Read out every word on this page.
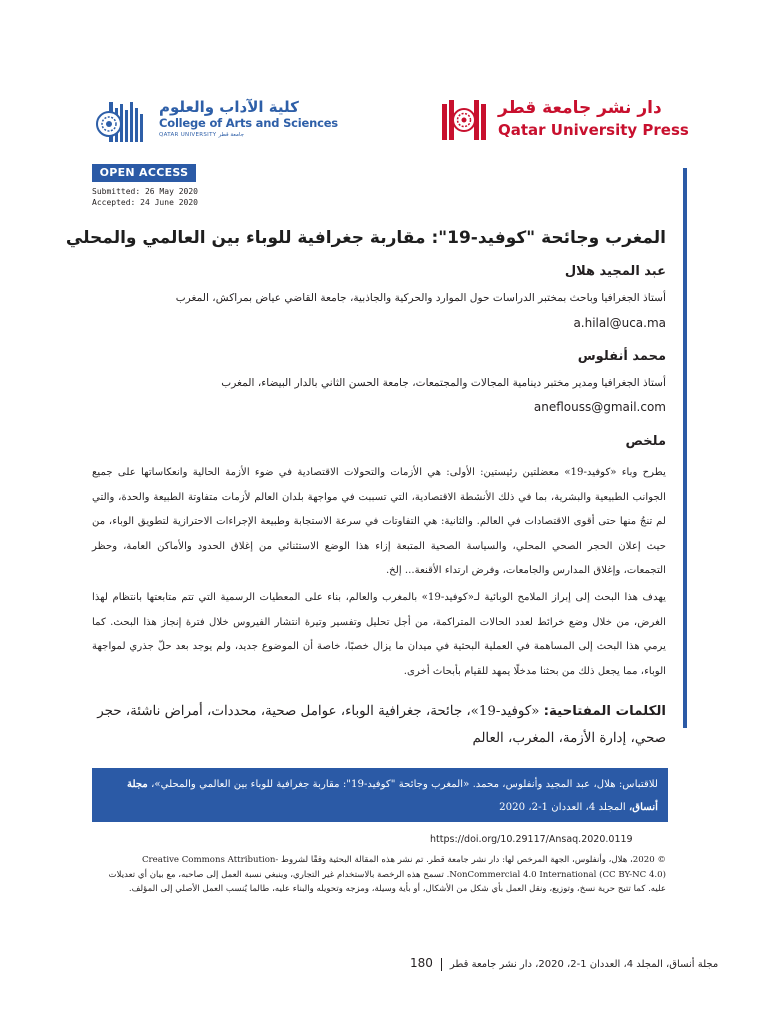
كلية الآداب والعلوم
College of Arts and Sciences
QATAR UNIVERSITY جامعة قطر
دار نشر جامعة قطر
Qatar University Press
OPEN ACCESS
Submitted: 26 May 2020
Accepted: 24 June 2020
المغرب وجائحة "كوفيد-19": مقاربة جغرافية للوباء بين العالمي والمحلي
عبد المجيد هلال
أستاذ الجغرافيا وباحث بمختبر الدراسات حول الموارد والحركية والجاذبية، جامعة القاضي عياض بمراكش، المغرب
a.hilal@uca.ma
محمد أنفلوس
أستاذ الجغرافيا ومدير مختبر دينامية المجالات والمجتمعات، جامعة الحسن الثاني بالدار البيضاء، المغرب
aneflouss@gmail.com
ملخص
يطرح وباء «كوفيد-19» معضلتين رئيستين: الأولى: هي الأزمات والتحولات الاقتصادية في ضوء الأزمة الحالية وانعكاساتها على جميع الجوانب الطبيعية والبشرية، بما في ذلك الأنشطة الاقتصادية، التي تسببت في مواجهة بلدان العالم لأزمات متفاوتة الطبيعة والحدة، والتي لم تنجُ منها حتى أقوى الاقتصادات في العالم. والثانية: هي التفاوتات في سرعة الاستجابة وطبيعة الإجراءات الاحترازية لتطويق الوباء، من حيث إعلان الحجر الصحي المحلي، والسياسة الصحية المتبعة إزاء هذا الوضع الاستثنائي من إغلاق الحدود والأماكن العامة، وحظر التجمعات، وإغلاق المدارس والجامعات، وفرض ارتداء الأقنعة... إلخ.
يهدف هذا البحث إلى إبراز الملامح الوبائية لـ«كوفيد-19» بالمغرب والعالم، بناء على المعطيات الرسمية التي تتم متابعتها بانتظام لهذا الغرض، من خلال وضع خرائط لعدد الحالات المتراكمة، من أجل تحليل وتفسير وتيرة انتشار الفيروس خلال فترة إنجاز هذا البحث. كما يرمي هذا البحث إلى المساهمة في العملية البحثية في ميدان ما يزال خصبًا، خاصة أن الموضوع جديد، ولم يوجد بعد حلّ جذري لمواجهة الوباء، مما يجعل ذلك من بحثنا مدخلًا يمهد للقيام بأبحاث أخرى.
الكلمات المفتاحية: «كوفيد-19»، جائحة، جغرافية الوباء، عوامل صحية، محددات، أمراض ناشئة، حجر صحي، إدارة الأزمة، المغرب، العالم
للاقتباس: هلال، عبد المجيد وأنفلوس، محمد. «المغرب وجائحة "كوفيد-19": مقاربة جغرافية للوباء بين العالمي والمحلي»، مجلة أنساق، المجلد 4، العددان 1-2، 2020
https://doi.org/10.29117/Ansaq.2020.0119
© 2020، هلال، وأنفلوس، الجهة المرخص لها: دار نشر جامعة قطر. تم نشر هذه المقالة البحثية وفقًا لشروط Creative Commons Attribution-NonCommercial 4.0 International (CC BY-NC 4.0). تسمح هذه الرخصة بالاستخدام غير التجاري، وينبغي نسبة العمل إلى صاحبه، مع بيان أي تعديلات عليه. كما تتيح حرية نسخ، وتوزيع، ونقل العمل بأي شكل من الأشكال، أو بأية وسيلة، ومزجه وتحويله والبناء عليه، طالما يُنسب العمل الأصلي إلى المؤلف.
مجلة أنساق، المجلد 4، العددان 1-2، 2020، دار نشر جامعة قطر180
